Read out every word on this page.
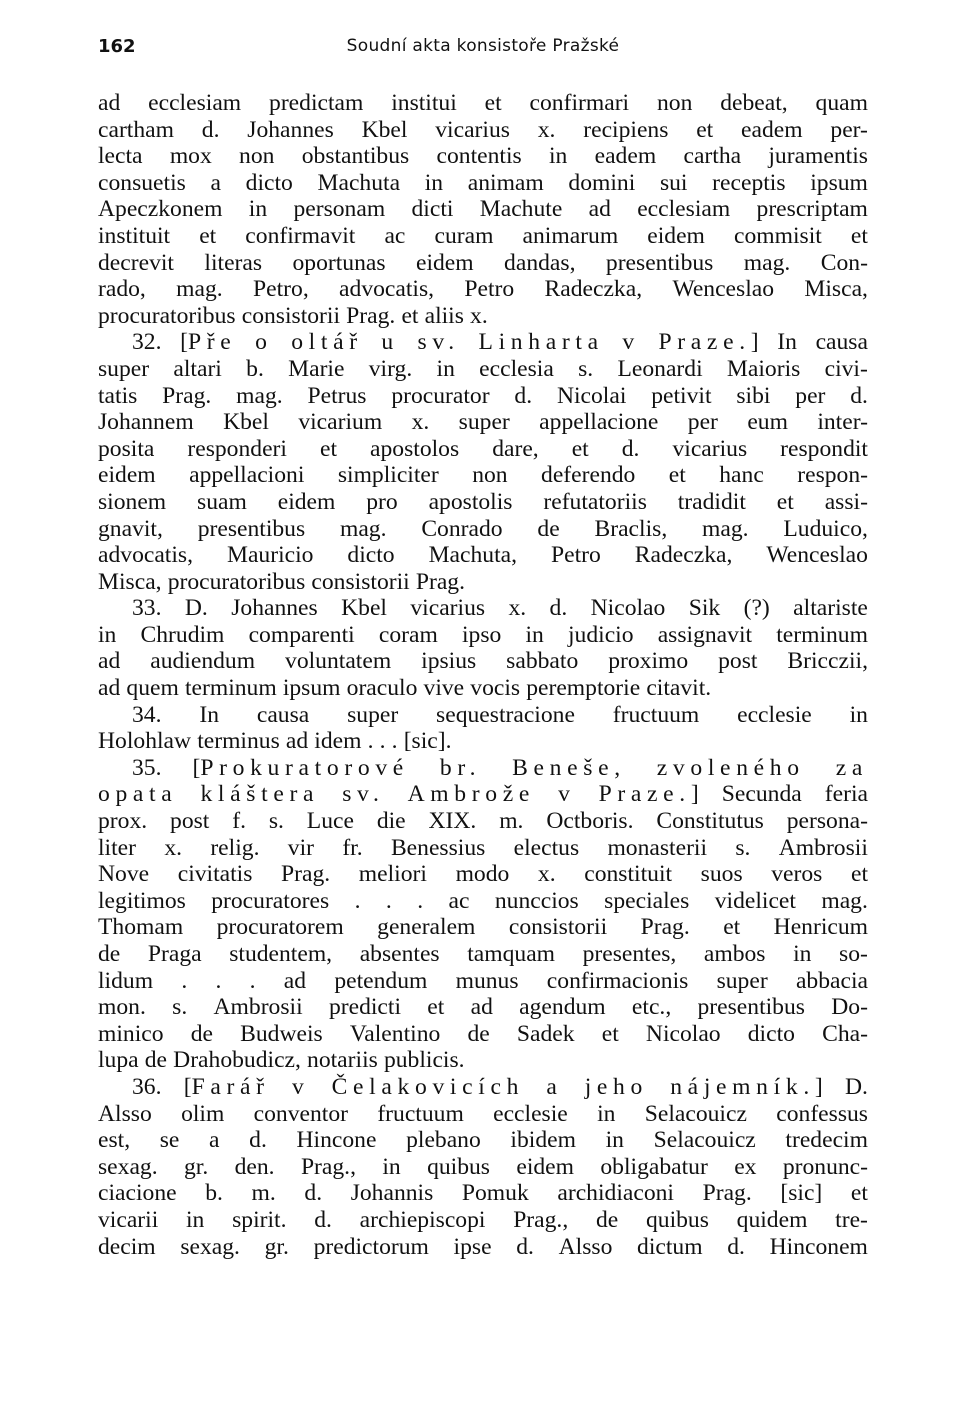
162	Soudní akta konsistoře Pražské
ad ecclesiam predictam institui et confirmari non debeat, quam
cartham d. Johannes Kbel vicarius x. recipiens et eadem per-
lecta mox non obstantibus contentis in eadem cartha juramentis
consuetis a dicto Machuta in animam domini sui receptis ipsum
Apeczkonem in personam dicti Machute ad ecclesiam prescriptam
instituit et confirmavit ac curam animarum eidem commisit et
decrevit literas oportunas eidem dandas, presentibus mag. Con-
rado, mag. Petro, advocatis, Petro Radeczka, Wenceslao Misca,
procuratoribus consistorii Prag. et aliis x.
32. [Pře o oltář u sv. Linharta v Praze.] In causa
super altari b. Marie virg. in ecclesia s. Leonardi Maioris civi-
tatis Prag. mag. Petrus procurator d. Nicolai petivit sibi per d.
Johannem Kbel vicarium x. super appellacione per eum inter-
posita responderi et apostolos dare, et d. vicarius respondit
eidem appellacioni simpliciter non deferendo et hanc respon-
sionem suam eidem pro apostolis refutatoriis tradidit et assi-
gnavit, presentibus mag. Conrado de Braclis, mag. Luduico,
advocatis, Mauricio dicto Machuta, Petro Radeczka, Wenceslao
Misca, procuratoribus consistorii Prag.
33. D. Johannes Kbel vicarius x. d. Nicolao Sik (?) altariste
in Chrudim comparenti coram ipso in judicio assignavit terminum
ad audiendum voluntatem ipsius sabbato proximo post Bricczii,
ad quem terminum ipsum oraculo vive vocis peremptorie citavit.
34. In causa super sequestracione fructuum ecclesie in
Holohlaw terminus ad idem . . . [sic].
35. [Prokuratorové br. Beneše, zvoleného za
opata kláštera sv. Ambrože v Praze.] Secunda feria
prox. post f. s. Luce die XIX. m. Octboris. Constitutus persona-
liter x. relig. vir fr. Benessius electus monasterii s. Ambrosii
Nove civitatis Prag. meliori modo x. constituit suos veros et
legitimos procuratores . . . ac nunccios speciales videlicet mag.
Thomam procuratorem generalem consistorii Prag. et Henricum
de Praga studentem, absentes tamquam presentes, ambos in so-
lidum . . . ad petendum munus confirmacionis super abbacia
mon. s. Ambrosii predicti et ad agendum etc., presentibus Do-
minico de Budweis Valentino de Sadek et Nicolao dicto Cha-
lupa de Drahobudicz, notariis publicis.
36. [Farář v Čelakovicích a jeho nájemník.] D.
Alsso olim conventor fructuum ecclesie in Selacouicz confessus
est, se a d. Hincone plebano ibidem in Selacouicz tredecim
sexag. gr. den. Prag., in quibus eidem obligabatur ex pronunc-
ciacione b. m. d. Johannis Pomuk archidiaconi Prag. [sic] et
vicarii in spirit. d. archiepiscopi Prag., de quibus quidem tre-
decim sexag. gr. predictorum ipse d. Alsso dictum d. Hinconem
